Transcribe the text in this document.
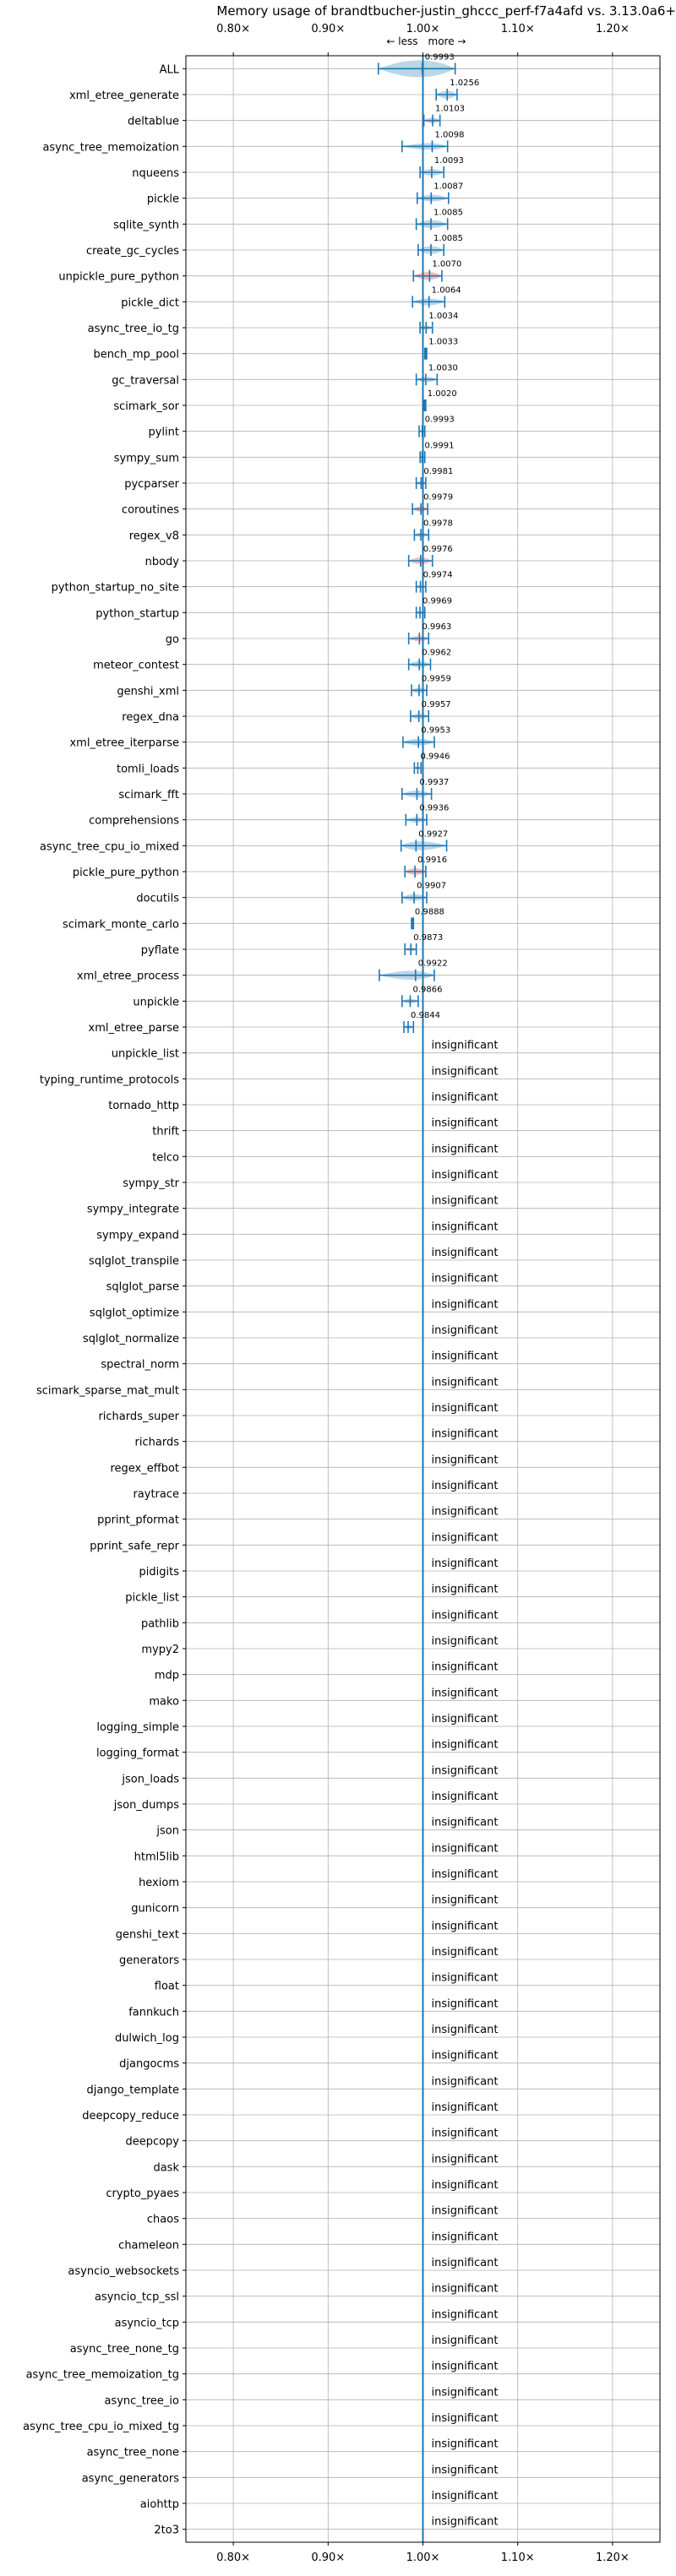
Memory usage of brandtbucher-justin_ghccc_perf-f7a4afd vs. 3.13.0a6+
← less more →
0.80×
0.80×
0.90×
0.90×
1.00×
1.00×
1.10×
1.10×
1.20×
1.20×
ALL
xml_etree_generate
deltablue
async_tree_memoization
nqueens
pickle
sqlite_synth
create_gc_cycles
unpickle_pure_python
pickle_dict
async_tree_io_tg
bench_mp_pool
gc_traversal
scimark_sor
pylint
sympy_sum
pycparser
coroutines
regex_v8
nbody
python_startup_no_site
python_startup
go
meteor_contest
genshi_xml
regex_dna
xml_etree_iterparse
tomli_loads
scimark_fft
comprehensions
async_tree_cpu_io_mixed
pickle_pure_python
docutils
scimark_monte_carlo
pyflate
xml_etree_process
unpickle
xml_etree_parse
unpickle_list
typing_runtime_protocols
tornado_http
thrift
telco
sympy_str
sympy_integrate
sympy_expand
sqlglot_transpile
sqlglot_parse
sqlglot_optimize
sqlglot_normalize
spectral_norm
scimark_sparse_mat_mult
richards_super
richards
regex_effbot
raytrace
pprint_pformat
pprint_safe_repr
pidigits
pickle_list
pathlib
mypy2
mdp
mako
logging_simple
logging_format
json_loads
json_dumps
json
html5lib
hexiom
gunicorn
genshi_text
generators
float
fannkuch
dulwich_log
djangocms
django_template
deepcopy_reduce
deepcopy
dask
crypto_pyaes
chaos
chameleon
asyncio_websockets
asyncio_tcp_ssl
asyncio_tcp
async_tree_none_tg
async_tree_memoization_tg
async_tree_io
async_tree_cpu_io_mixed_tg
async_tree_none
async_generators
aiohttp
2to3
0.9993
1.0256
1.0103
1.0098
1.0093
1.0087
1.0085
1.0085
1.0070
1.0064
1.0034
1.0033
1.0030
1.0020
0.9993
0.9991
0.9981
0.9979
0.9978
0.9976
0.9974
0.9969
0.9963
0.9962
0.9959
0.9957
0.9953
0.9946
0.9937
0.9936
0.9927
0.9916
0.9907
0.9888
0.9873
0.9922
0.9866
0.9844
insignificant
insignificant
insignificant
insignificant
insignificant
insignificant
insignificant
insignificant
insignificant
insignificant
insignificant
insignificant
insignificant
insignificant
insignificant
insignificant
insignificant
insignificant
insignificant
insignificant
insignificant
insignificant
insignificant
insignificant
insignificant
insignificant
insignificant
insignificant
insignificant
insignificant
insignificant
insignificant
insignificant
insignificant
insignificant
insignificant
insignificant
insignificant
insignificant
insignificant
insignificant
insignificant
insignificant
insignificant
insignificant
insignificant
insignificant
insignificant
insignificant
insignificant
insignificant
insignificant
insignificant
insignificant
insignificant
insignificant
insignificant
insignificant
